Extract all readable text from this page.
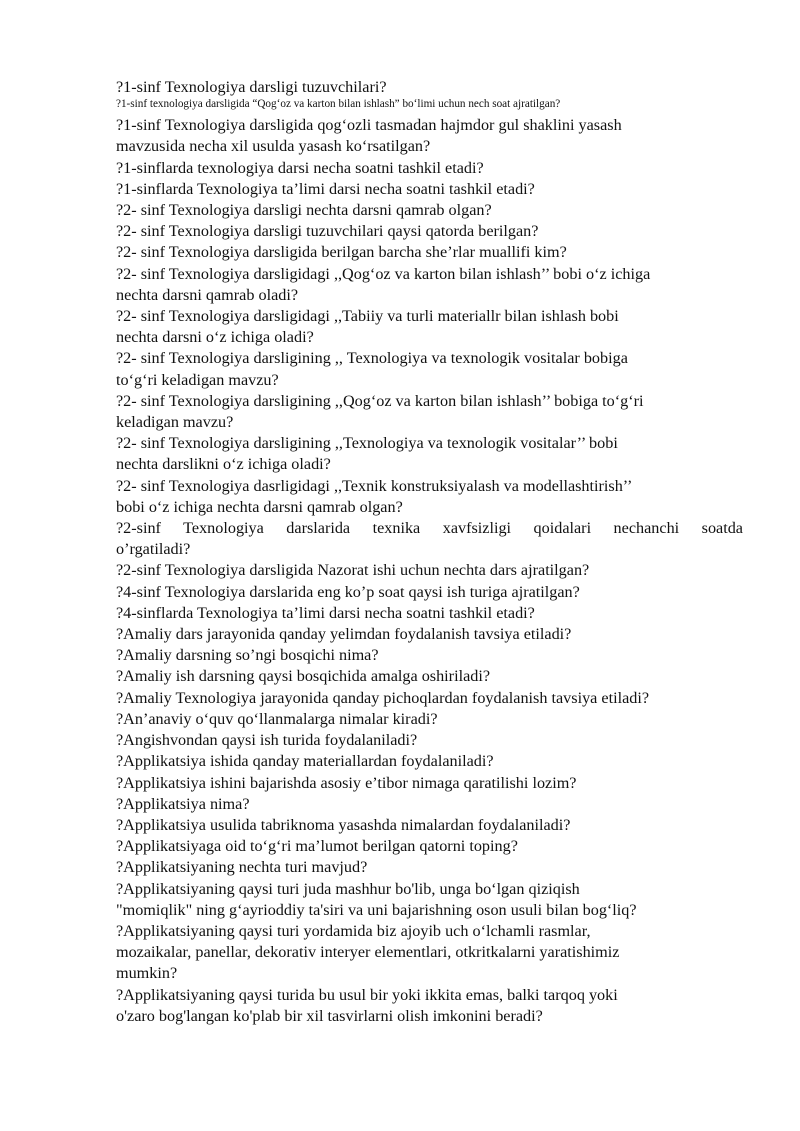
?1-sinf Texnologiya darsligi tuzuvchilari?

?1-sinf texnologiya darsligida “Qog‘oz va karton bilan ishlash” bo‘limi uchun nech soat ajratilgan?

?1-sinf Texnologiya darsligida qog‘ozli tasmadan hajmdor gul shaklini yasash

mavzusida necha xil usulda yasash ko‘rsatilgan?

?1-sinflarda texnologiya darsi necha soatni tashkil etadi?

?1-sinflarda Texnologiya ta’limi darsi necha soatni tashkil etadi?

?2- sinf Texnologiya darsligi nechta darsni qamrab olgan?

?2- sinf Texnologiya darsligi tuzuvchilari qaysi qatorda berilgan?

?2- sinf Texnologiya darsligida berilgan barcha she’rlar muallifi kim?

?2- sinf Texnologiya darsligidagi ,,Qog‘oz va karton bilan ishlash’’ bobi o‘z ichiga

nechta darsni qamrab oladi?

?2- sinf Texnologiya darsligidagi ,,Tabiiy va turli materiallr bilan ishlash bobi

nechta darsni o‘z ichiga oladi?

?2- sinf Texnologiya darsligining ,, Texnologiya va texnologik vositalar bobiga

to‘g‘ri keladigan mavzu?

?2- sinf Texnologiya darsligining ,,Qog‘oz va karton bilan ishlash’’ bobiga to‘g‘ri

keladigan mavzu?

?2- sinf Texnologiya darsligining ,,Texnologiya va texnologik vositalar’’ bobi

nechta darslikni o‘z ichiga oladi?

?2- sinf Texnologiya dasrligidagi ,,Texnik konstruksiyalash va modellashtirish’’

bobi o‘z ichiga nechta darsni qamrab olgan?

?2-sinf Texnologiya darslarida texnika xavfsizligi qoidalari nechanchi soatda

o’rgatiladi?

?2-sinf Texnologiya darsligida Nazorat ishi uchun nechta dars ajratilgan?

?4-sinf Texnologiya darslarida eng ko’p soat qaysi ish turiga ajratilgan?

?4-sinflarda Texnologiya ta’limi darsi necha soatni tashkil etadi?

?Amaliy dars jarayonida qanday yelimdan foydalanish tavsiya etiladi?

?Amaliy darsning so’ngi bosqichi nima?

?Amaliy ish darsning qaysi bosqichida amalga oshiriladi?

?Amaliy Texnologiya jarayonida qanday pichoqlardan foydalanish tavsiya etiladi?

?An’anaviy o‘quv qo‘llanmalarga nimalar kiradi?

?Angishvondan qaysi ish turida foydalaniladi?

?Applikatsiya ishida qanday materiallardan foydalaniladi?

?Applikatsiya ishini bajarishda asosiy e’tibor nimaga qaratilishi lozim?

?Applikatsiya nima?

?Applikatsiya usulida tabriknoma yasashda nimalardan foydalaniladi?

?Applikatsiyaga oid to‘g‘ri ma’lumot berilgan qatorni toping?

?Applikatsiyaning nechta turi mavjud?

?Applikatsiyaning qaysi turi juda mashhur bo'lib, unga bo‘lgan qiziqish

"momiqlik" ning g‘ayrioddiy ta'siri va uni bajarishning oson usuli bilan bog‘liq?

?Applikatsiyaning qaysi turi yordamida biz ajoyib uch o‘lchamli rasmlar,

mozaikalar, panellar, dekorativ interyer elementlari, otkritkalarni yaratishimiz

mumkin?

?Applikatsiyaning qaysi turida bu usul bir yoki ikkita emas, balki tarqoq yoki

o'zaro bog'langan ko'plab bir xil tasvirlarni olish imkonini beradi?
